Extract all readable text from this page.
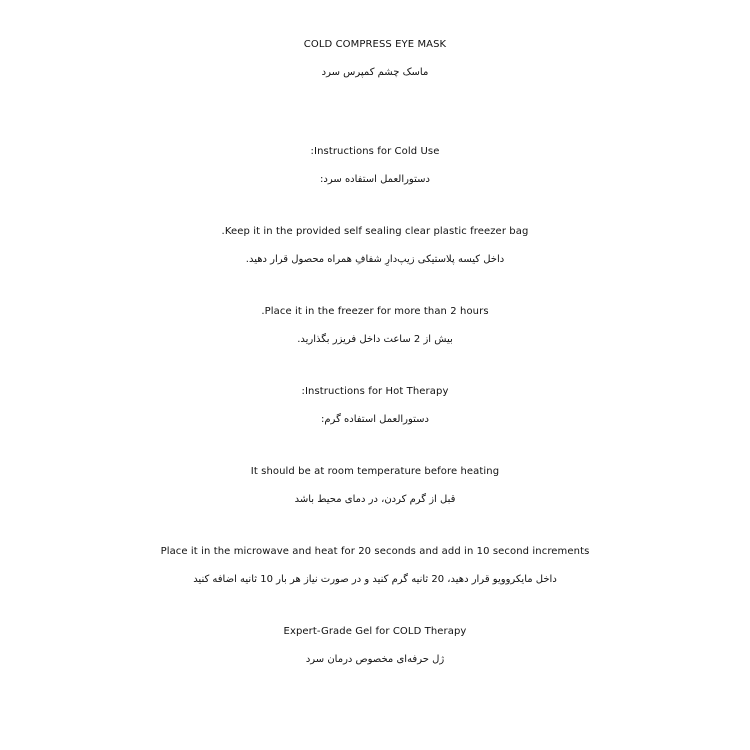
COLD COMPRESS EYE MASK
ماسک چشم کمپرس سرد
:Instructions for Cold Use
دستورالعمل استفاده سرد:
.Keep it in the provided self sealing clear plastic freezer bag
داخل کیسه پلاستیکی زیپ‌دارِ شفافِ همراه محصول قرار دهید.
.Place it in the freezer for more than 2 hours
بیش از 2 ساعت داخل فریزر بگذارید.
:Instructions for Hot Therapy
دستورالعمل استفاده گرم:
It should be at room temperature before heating
قبل از گرم کردن، در دمای محیط باشد
Place it in the microwave and heat for 20 seconds and add in 10 second increments
داخل مایکروویو قرار دهید، 20 ثانیه گرم کنید و در صورت نیاز هر بار 10 ثانیه اضافه کنید
Expert-Grade Gel for COLD Therapy
ژل حرفه‌ای مخصوص درمان سرد
